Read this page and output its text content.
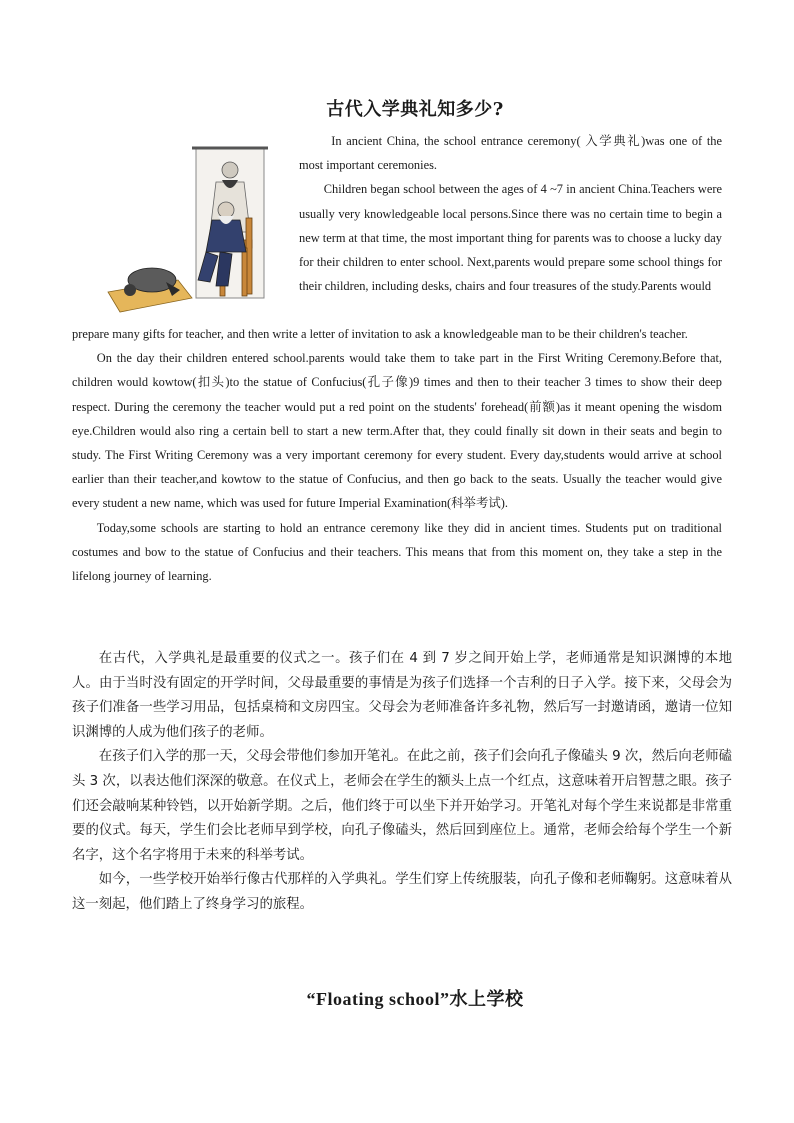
古代入学典礼知多少?

In ancient China, the school entrance ceremony( 入学典礼)was one of the most important ceremonies.

Children began school between the ages of 4 ~7 in ancient China.Teachers were usually very knowledgeable local persons.Since there was no certain time to begin a new term at that time, the most important thing for parents was to choose a lucky day for their children to enter school. Next,parents would prepare some school things for their children, including desks, chairs and four treasures of the study.Parents would

prepare many gifts for teacher, and then write a letter of invitation to ask a knowledgeable man to be their children's teacher.

On the day their children entered school.parents would take them to take part in the First Writing Ceremony.Before that, children would kowtow(扣头)to the statue of Confucius(孔子像)9 times and then to their teacher 3 times to show their deep respect. During the ceremony the teacher would put a red point on the students' forehead(前额)as it meant opening the wisdom eye.Children would also ring a certain bell to start a new term.After that, they could finally sit down in their seats and begin to study. The First Writing Ceremony was a very important ceremony for every student. Every day,students would arrive at school earlier than their teacher,and kowtow to the statue of Confucius, and then go back to the seats. Usually the teacher would give every student a new name, which was used for future Imperial Examination(科举考试).

Today,some schools are starting to hold an entrance ceremony like they did in ancient times. Students put on traditional costumes and bow to the statue of Confucius and their teachers. This means that from this moment on, they take a step in the lifelong journey of learning.

在古代，入学典礼是最重要的仪式之一。孩子们在 4 到 7 岁之间开始上学，老师通常是知识渊博的本地人。由于当时没有固定的开学时间，父母最重要的事情是为孩子们选择一个吉利的日子入学。接下来，父母会为孩子们准备一些学习用品，包括桌椅和文房四宝。父母会为老师准备许多礼物，然后写一封邀请函，邀请一位知识渊博的人成为他们孩子的老师。

在孩子们入学的那一天，父母会带他们参加开笔礼。在此之前，孩子们会向孔子像磕头 9 次，然后向老师磕头 3 次，以表达他们深深的敬意。在仪式上，老师会在学生的额头上点一个红点，这意味着开启智慧之眼。孩子们还会敲响某种铃铛，以开始新学期。之后，他们终于可以坐下并开始学习。开笔礼对每个学生来说都是非常重要的仪式。每天，学生们会比老师早到学校，向孔子像磕头，然后回到座位上。通常，老师会给每个学生一个新名字，这个名字将用于未来的科举考试。

如今，一些学校开始举行像古代那样的入学典礼。学生们穿上传统服装，向孔子像和老师鞠躬。这意味着从这一刻起，他们踏上了终身学习的旅程。

“Floating school”水上学校
